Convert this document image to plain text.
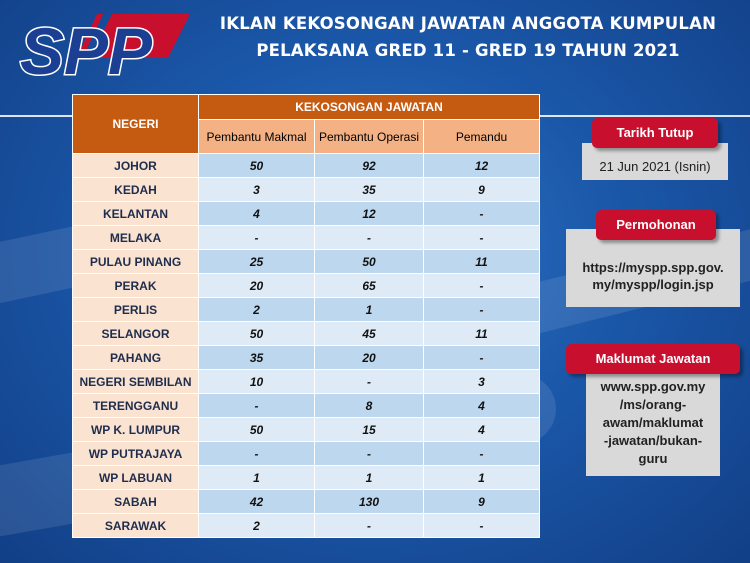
SPP	IKLAN KEKOSONGAN JAWATAN ANGGOTA KUMPULAN
PELAKSANA GRED 11 - GRED 19 TAHUN 2021
NEGERI	KEKOSONGAN JAWATAN		
	Pembantu Makmal	Pembantu Operasi	Pemandu
JOHOR	50	92	12
KEDAH	3	35	9
KELANTAN	4	12	-
MELAKA	-	-	-
PULAU PINANG	25	50	11
PERAK	20	65	-
PERLIS	2	1	-
SELANGOR	50	45	11
PAHANG	35	20	-
NEGERI SEMBILAN	10	-	3
TERENGGANU	-	8	4
WP K. LUMPUR	50	15	4
WP PUTRAJAYA	-	-	-
WP LABUAN	1	1	1
SABAH	42	130	9
SARAWAK	2	-	-
21 Jun 2021 (Isnin)
Tarikh Tutup
https://myspp.spp.gov.
my/myspp/login.jsp
Permohonan
www.spp.gov.my
/ms/orang-
awam/maklumat
-jawatan/bukan-
guru
Maklumat Jawatan
